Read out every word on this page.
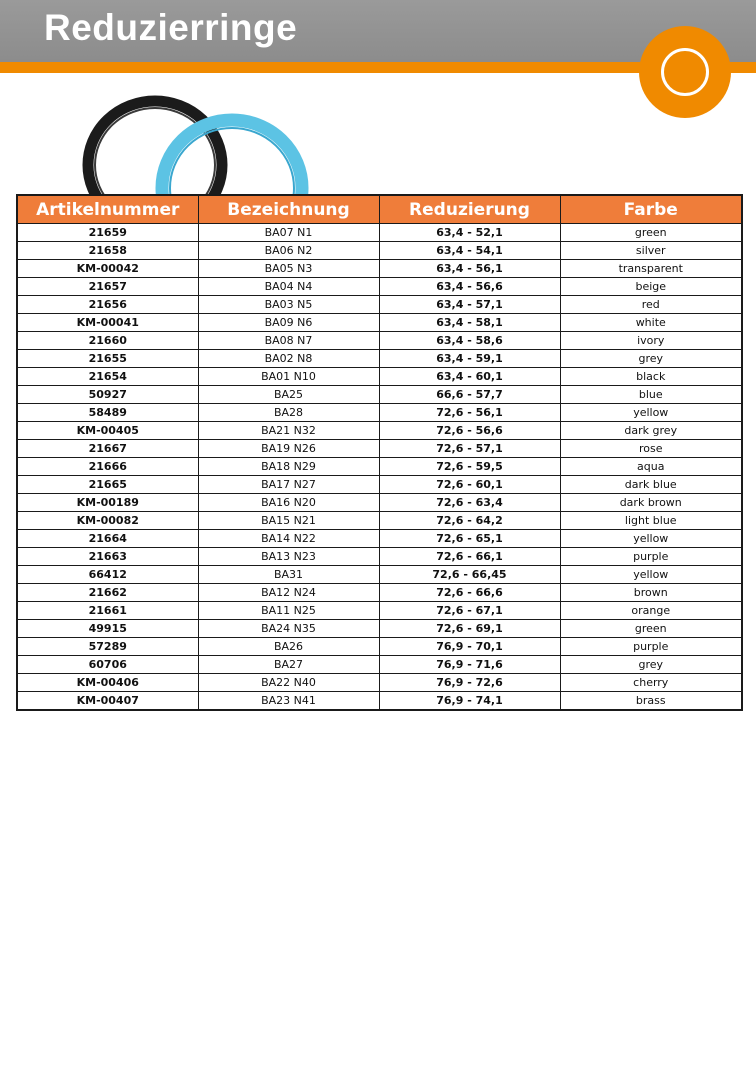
Reduzierringe
Artikelnummer	Bezeichnung	Reduzierung	Farbe
21659	BA07 N1	63,4 - 52,1	green
21658	BA06 N2	63,4 - 54,1	silver
KM-00042	BA05 N3	63,4 - 56,1	transparent
21657	BA04 N4	63,4 - 56,6	beige
21656	BA03 N5	63,4 - 57,1	red
KM-00041	BA09 N6	63,4 - 58,1	white
21660	BA08 N7	63,4 - 58,6	ivory
21655	BA02 N8	63,4 - 59,1	grey
21654	BA01 N10	63,4 - 60,1	black
50927	BA25	66,6 - 57,7	blue
58489	BA28	72,6 - 56,1	yellow
KM-00405	BA21 N32	72,6 - 56,6	dark grey
21667	BA19 N26	72,6 - 57,1	rose
21666	BA18 N29	72,6 - 59,5	aqua
21665	BA17 N27	72,6 - 60,1	dark blue
KM-00189	BA16 N20	72,6 - 63,4	dark brown
KM-00082	BA15 N21	72,6 - 64,2	light blue
21664	BA14 N22	72,6 - 65,1	yellow
21663	BA13 N23	72,6 - 66,1	purple
66412	BA31	72,6 - 66,45	yellow
21662	BA12 N24	72,6 - 66,6	brown
21661	BA11 N25	72,6 - 67,1	orange
49915	BA24 N35	72,6 - 69,1	green
57289	BA26	76,9 - 70,1	purple
60706	BA27	76,9 - 71,6	grey
KM-00406	BA22 N40	76,9 - 72,6	cherry
KM-00407	BA23 N41	76,9 - 74,1	brass
